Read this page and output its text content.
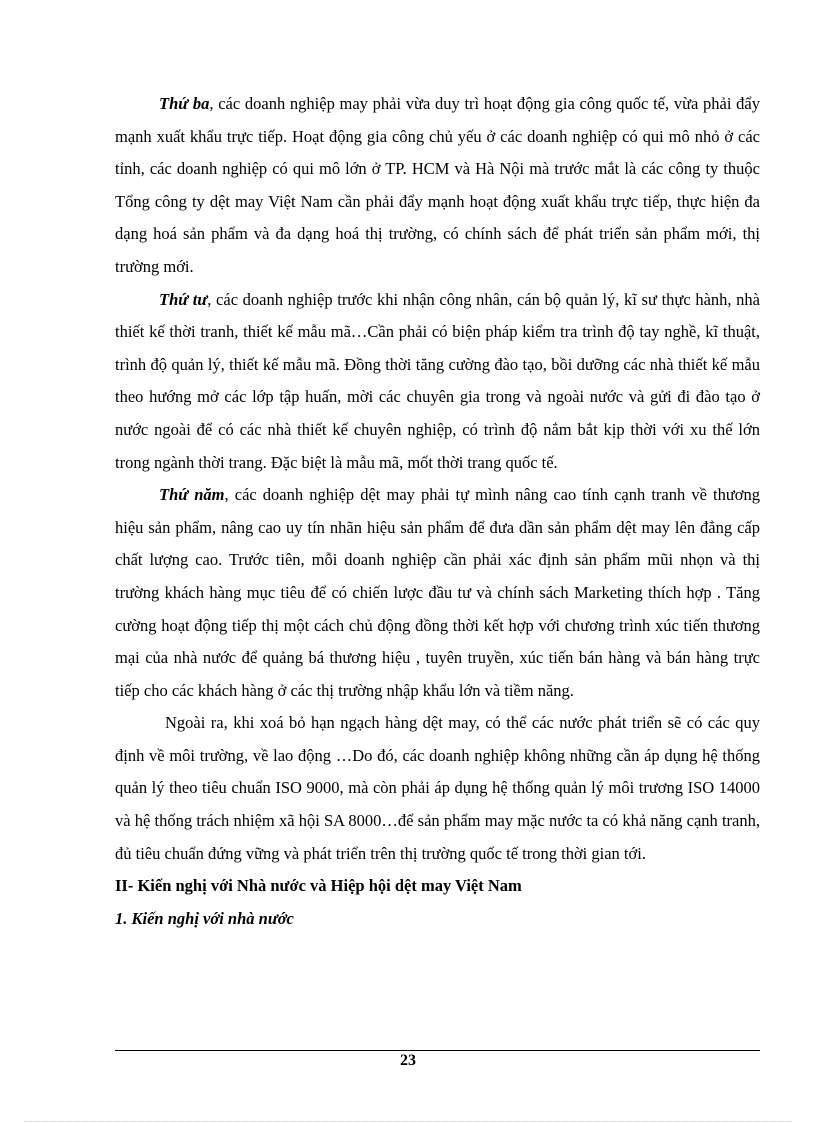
Thứ ba, các doanh nghiệp may phải vừa duy trì hoạt động gia công quốc tế, vừa phải đẩy mạnh xuất khẩu trực tiếp. Hoạt động gia công chủ yếu ở các doanh nghiệp có qui mô nhỏ ở các tỉnh, các doanh nghiệp có qui mô lớn ở TP. HCM và Hà Nội mà trước mắt là các công ty thuộc Tổng công ty dệt may Việt Nam cần phải đẩy mạnh hoạt động xuất khẩu trực tiếp, thực hiện đa dạng hoá sản phẩm và đa dạng hoá thị trường, có chính sách để phát triển sản phẩm mới, thị trường mới.

Thứ tư, các doanh nghiệp trước khi nhận công nhân, cán bộ quản lý, kĩ sư thực hành, nhà thiết kế thời tranh, thiết kế mẫu mã…Cần phải có biện pháp kiểm tra trình độ tay nghề, kĩ thuật, trình độ quản lý, thiết kế mẫu mã. Đồng thời tăng cường đào tạo, bồi dưỡng các nhà thiết kế mẫu theo hướng mở các lớp tập huấn, mời các chuyên gia trong và ngoài nước và gửi đi đào tạo ở nước ngoài để có các nhà thiết kế chuyên nghiệp, có trình độ nắm bắt kịp thời với xu thế lớn trong ngành thời trang. Đặc biệt là mẫu mã, mốt thời trang quốc tế.

Thứ năm, các doanh nghiệp dệt may phải tự mình nâng cao tính cạnh tranh về thương hiệu sản phẩm, nâng cao uy tín nhãn hiệu sản phẩm để đưa dần sản phẩm dệt may lên đẳng cấp chất lượng cao. Trước tiên, mỗi doanh nghiệp cần phải xác định sản phẩm mũi nhọn và thị trường khách hàng mục tiêu để có chiến lược đầu tư và chính sách Marketing thích hợp . Tăng cường hoạt động tiếp thị một cách chủ động đồng thời kết hợp với chương trình xúc tiến thương mại của nhà nước để quảng bá thương hiệu , tuyên truyền, xúc tiến bán hàng và bán hàng trực tiếp cho các khách hàng ở các thị trường nhập khẩu lớn và tiềm năng.

Ngoài ra, khi xoá bỏ hạn ngạch hàng dệt may, có thể các nước phát triển sẽ có các quy định về môi trường, về lao động …Do đó, các doanh nghiệp không những cần áp dụng hệ thống quản lý theo tiêu chuẩn ISO 9000, mà còn phải áp dụng hệ thống quản lý môi trương ISO 14000 và hệ thống trách nhiệm xã hội SA 8000…để sản phẩm may mặc nước ta có khả năng cạnh tranh, đủ tiêu chuẩn đứng vững và phát triển trên thị trường quốc tế trong thời gian tới.

II- Kiến nghị với Nhà nước và Hiệp hội dệt may Việt Nam

1. Kiến nghị với nhà nước

23
